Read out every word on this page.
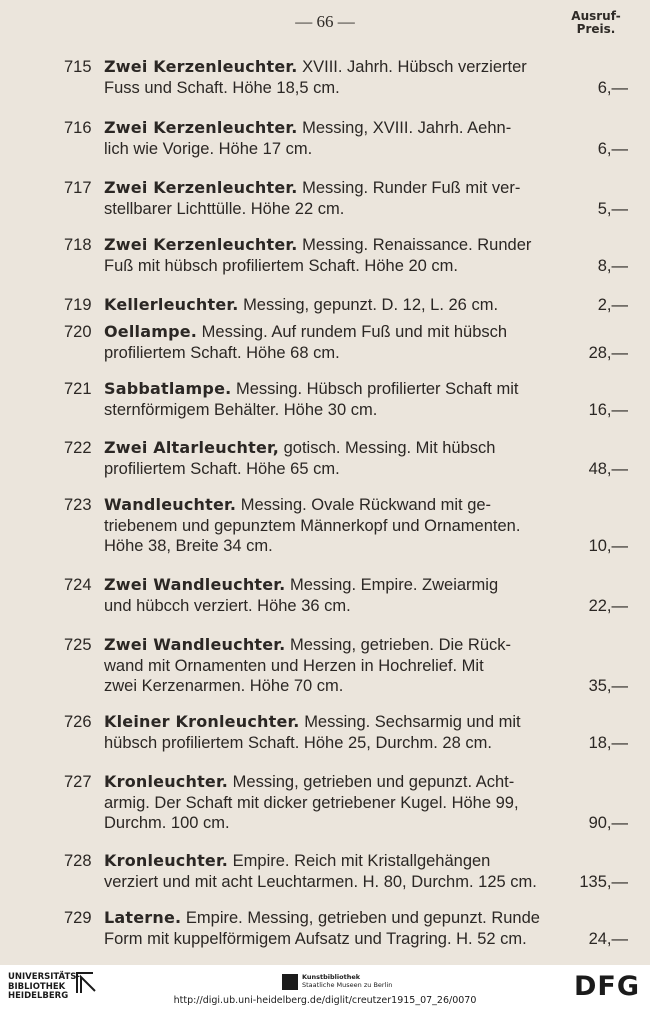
— 66 —	Ausruf-
Preis.
715 Zwei Kerzenleuchter. XVIII. Jahrh. Hübsch verzierter
Fuss und Schaft. Höhe 18,5 cm.	6,—
716 Zwei Kerzenleuchter. Messing, XVIII. Jahrh. Aehn-
lich wie Vorige. Höhe 17 cm.	6,—
717 Zwei Kerzenleuchter. Messing. Runder Fuß mit ver-
stellbarer Lichttülle. Höhe 22 cm.	5,—
718 Zwei Kerzenleuchter. Messing. Renaissance. Runder
Fuß mit hübsch profiliertem Schaft. Höhe 20 cm.	8,—
719 Kellerleuchter. Messing, gepunzt. D. 12, L. 26 cm.	2,—
720 Oellampe. Messing. Auf rundem Fuß und mit hübsch
profiliertem Schaft. Höhe 68 cm.	28,—
721 Sabbatlampe. Messing. Hübsch profilierter Schaft mit
sternförmigem Behälter. Höhe 30 cm.	16,—
722 Zwei Altarleuchter, gotisch. Messing. Mit hübsch
profiliertem Schaft. Höhe 65 cm.	48,—
723 Wandleuchter. Messing. Ovale Rückwand mit ge-
triebenem und gepunztem Männerkopf und Ornamenten.
Höhe 38, Breite 34 cm.	10,—
724 Zwei Wandleuchter. Messing. Empire. Zweiarmig
und hübcch verziert. Höhe 36 cm.	22,—
725 Zwei Wandleuchter. Messing, getrieben. Die Rück-
wand mit Ornamenten und Herzen in Hochrelief. Mit
zwei Kerzenarmen. Höhe 70 cm.	35,—
726 Kleiner Kronleuchter. Messing. Sechsarmig und mit
hübsch profiliertem Schaft. Höhe 25, Durchm. 28 cm.	18,—
727 Kronleuchter. Messing, getrieben und gepunzt. Acht-
armig. Der Schaft mit dicker getriebener Kugel. Höhe 99,
Durchm. 100 cm.	90,—
728 Kronleuchter. Empire. Reich mit Kristallgehängen
verziert und mit acht Leuchtarmen. H. 80, Durchm. 125 cm.	135,—
729 Laterne. Empire. Messing, getrieben und gepunzt. Runde
Form mit kuppelförmigem Aufsatz und Tragring. H. 52 cm.	24,—
UNIVERSITÄTS-
BIBLIOTHEK
HEIDELBERG
Kunstbibliothek
Staatliche Museen zu Berlin	DFG
http://digi.ub.uni-heidelberg.de/diglit/creutzer1915_07_26/0070
